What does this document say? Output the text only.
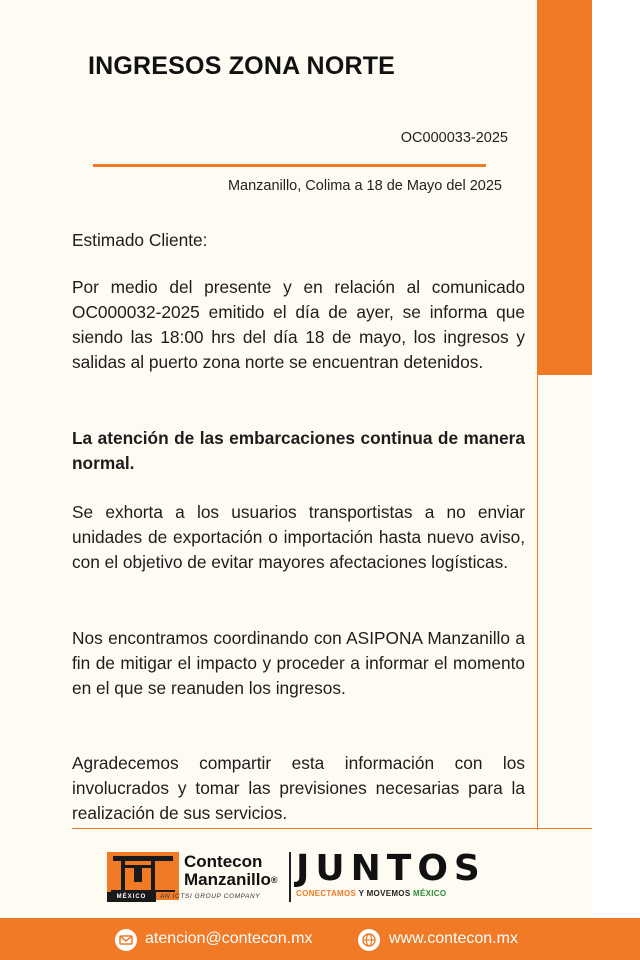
INGRESOS ZONA NORTE
OC000033-2025
Manzanillo, Colima a 18 de Mayo del 2025

Estimado Cliente:

Por medio del presente y en relación al comunicado OC000032-2025 emitido el día de ayer, se informa que siendo las 18:00 hrs del día 18 de mayo, los ingresos y salidas al puerto zona norte se encuentran detenidos.

La atención de las embarcaciones continua de manera normal.

Se exhorta a los usuarios transportistas a no enviar unidades de exportación o importación hasta nuevo aviso, con el objetivo de evitar mayores afectaciones logísticas.

Nos encontramos coordinando con ASIPONA Manzanillo a fin de mitigar el impacto y proceder a informar el momento en el que se reanuden los ingresos.

Agradecemos compartir esta información con los involucrados y tomar las previsiones necesarias para la realización de sus servicios.

MÉXICO
Contecon
Manzanillo®
AN ICTSI GROUP COMPANY
JUNTOS
CONECTAMOS Y MOVEMOS MÉXICO
atencion@contecon.mx	www.contecon.mx
